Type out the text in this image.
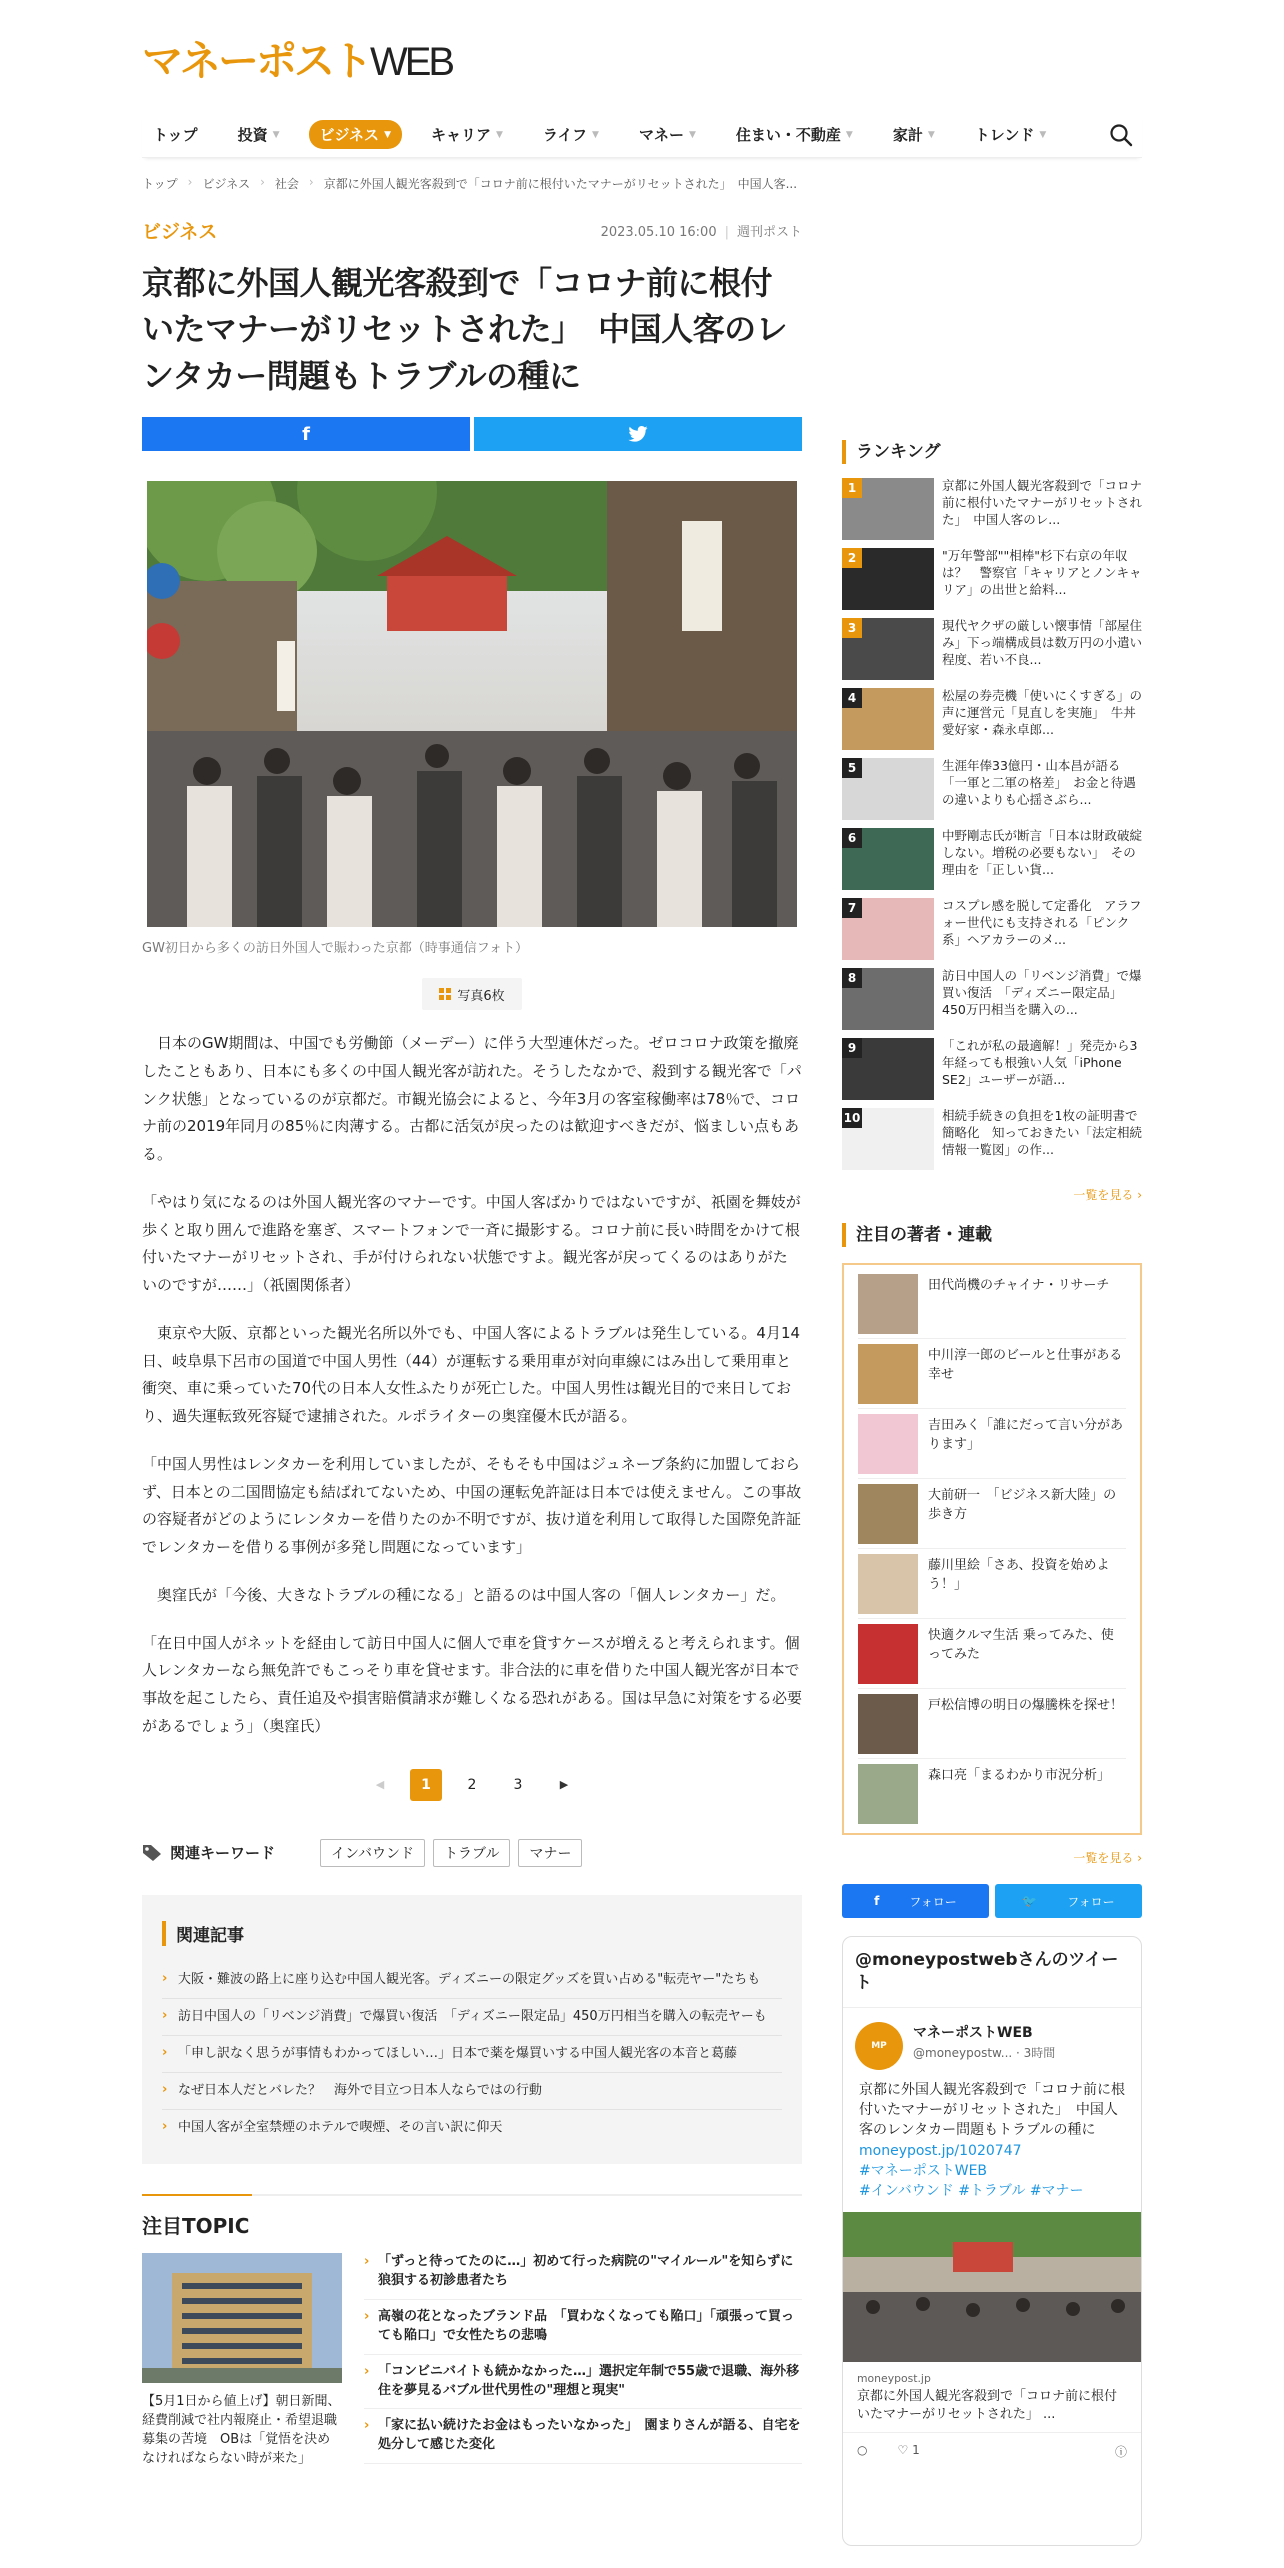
マネーポスト WEB
トップ	投資 ▼	ビジネス ▼	キャリア ▼	ライフ ▼	マネー ▼	住まい・不動産 ▼	家計 ▼	トレンド ▼
トップ › ビジネス › 社会 › 京都に外国人観光客殺到で「コロナ前に根付いたマナーがリセットされた」　中国人客...
ビジネス	2023.05.10 16:00 | 週刊ポスト
京都に外国人観光客殺到で「コロナ前に根付いたマナーがリセットされた」　中国人客のレンタカー問題もトラブルの種に
f

GW初日から多くの訪日外国人で賑わった京都（時事通信フォト）

写真6枚

　日本のGW期間は、中国でも労働節（メーデー）に伴う大型連休だった。ゼロコロナ政策を撤廃したこともあり、日本にも多くの中国人観光客が訪れた。そうしたなかで、殺到する観光客で「パンク状態」となっているのが京都だ。市観光協会によると、今年3月の客室稼働率は78％で、コロナ前の2019年同月の85％に肉薄する。古都に活気が戻ったのは歓迎すべきだが、悩ましい点もある。

「やはり気になるのは外国人観光客のマナーです。中国人客ばかりではないですが、祇園を舞妓が歩くと取り囲んで進路を塞ぎ、スマートフォンで一斉に撮影する。コロナ前に長い時間をかけて根付いたマナーがリセットされ、手が付けられない状態ですよ。観光客が戻ってくるのはありがたいのですが……」（祇園関係者）

　東京や大阪、京都といった観光名所以外でも、中国人客によるトラブルは発生している。4月14日、岐阜県下呂市の国道で中国人男性（44）が運転する乗用車が対向車線にはみ出して乗用車と衝突、車に乗っていた70代の日本人女性ふたりが死亡した。中国人男性は観光目的で来日しており、過失運転致死容疑で逮捕された。ルポライターの奥窪優木氏が語る。

「中国人男性はレンタカーを利用していましたが、そもそも中国はジュネーブ条約に加盟しておらず、日本との二国間協定も結ばれてないため、中国の運転免許証は日本では使えません。この事故の容疑者がどのようにレンタカーを借りたのか不明ですが、抜け道を利用して取得した国際免許証でレンタカーを借りる事例が多発し問題になっています」

　奥窪氏が「今後、大きなトラブルの種になる」と語るのは中国人客の「個人レンタカー」だ。

「在日中国人がネットを経由して訪日中国人に個人で車を貸すケースが増えると考えられます。個人レンタカーなら無免許でもこっそり車を貸せます。非合法的に車を借りた中国人観光客が日本で事故を起こしたら、責任追及や損害賠償請求が難しくなる恐れがある。国は早急に対策をする必要があるでしょう」（奥窪氏）

◀	1	2	3	▶
関連キーワード	インバウンド	トラブル	マナー
関連記事
› 大阪・難波の路上に座り込む中国人観光客。ディズニーの限定グッズを買い占める"転売ヤー"たちも
› 訪日中国人の「リベンジ消費」で爆買い復活　「ディズニー限定品」450万円相当を購入の転売ヤーも
› 「申し訳なく思うが事情もわかってほしい…」日本で薬を爆買いする中国人観光客の本音と葛藤
› なぜ日本人だとバレた？　海外で目立つ日本人ならではの行動
› 中国人客が全室禁煙のホテルで喫煙、その言い訳に仰天
注目TOPIC

【5月1日から値上げ】朝日新聞、経費削減で社内報廃止・希望退職募集の苦境　OBは「覚悟を決めなければならない時が来た」

› 「ずっと待ってたのに…」初めて行った病院の"マイルール"を知らずに狼狽する初診患者たち
› 高嶺の花となったブランド品　「買わなくなっても陥口」「頑張って買っても陥口」で女性たちの悲鳴
› 「コンビニバイトも続かなかった…」選択定年制で55歳で退職、海外移住を夢見るバブル世代男性の"理想と現実"
› 「家に払い続けたお金はもったいなかった」　園まりさんが語る、自宅を処分して感じた変化
ランキング
1	京都に外国人観光客殺到で「コロナ前に根付いたマナーがリセットされた」　中国人客のレ...
2	"万年警部""相棒"杉下右京の年収は？　警察官「キャリアとノンキャリア」の出世と給料...
3	現代ヤクザの厳しい懐事情「部屋住み」下っ端構成員は数万円の小遣い程度、若い不良...
4	松屋の券売機「使いにくすぎる」の声に運営元「見直しを実施」　牛丼愛好家・森永卓郎...
5	生涯年俸33億円・山本昌が語る「一軍と二軍の格差」　お金と待遇の違いよりも心揺さぶら...
6	中野剛志氏が断言「日本は財政破綻しない。増税の必要もない」　その理由を「正しい貨...
7	コスプレ感を脱して定番化　アラフォー世代にも支持される「ピンク系」ヘアカラーのメ...
8	訪日中国人の「リベンジ消費」で爆買い復活　「ディズニー限定品」450万円相当を購入の...
9	「これが私の最適解！」発売から3年経っても根強い人気「iPhone SE2」ユーザーが語...
10	相続手続きの負担を1枚の証明書で簡略化　知っておきたい「法定相続情報一覧図」の作...
一覧を見る ›
注目の著者・連載
田代尚機のチャイナ・リサーチ
中川淳一郎のビールと仕事がある幸せ
吉田みく「誰にだって言い分があります」
大前研一　「ビジネス新大陸」の歩き方
藤川里絵「さあ、投資を始めよう！」
快適クルマ生活 乗ってみた、使ってみた
戸松信博の明日の爆騰株を探せ！
森口亮「まるわかり市況分析」
一覧を見る ›
f	フォロー	🐦	フォロー
@moneypostwebさんのツイート
MP
マネーポストWEB
@moneypostw... · 3時間
京都に外国人観光客殺到で「コロナ前に根付いたマナーがリセットされた」　中国人客のレンタカー問題もトラブルの種に
moneypost.jp/1020747
#マネーポストWEB
#インバウンド #トラブル #マナー
moneypost.jp
京都に外国人観光客殺到で「コロナ前に根付いたマナーがリセットされた」 ...
○	♡ 1	ⓘ
